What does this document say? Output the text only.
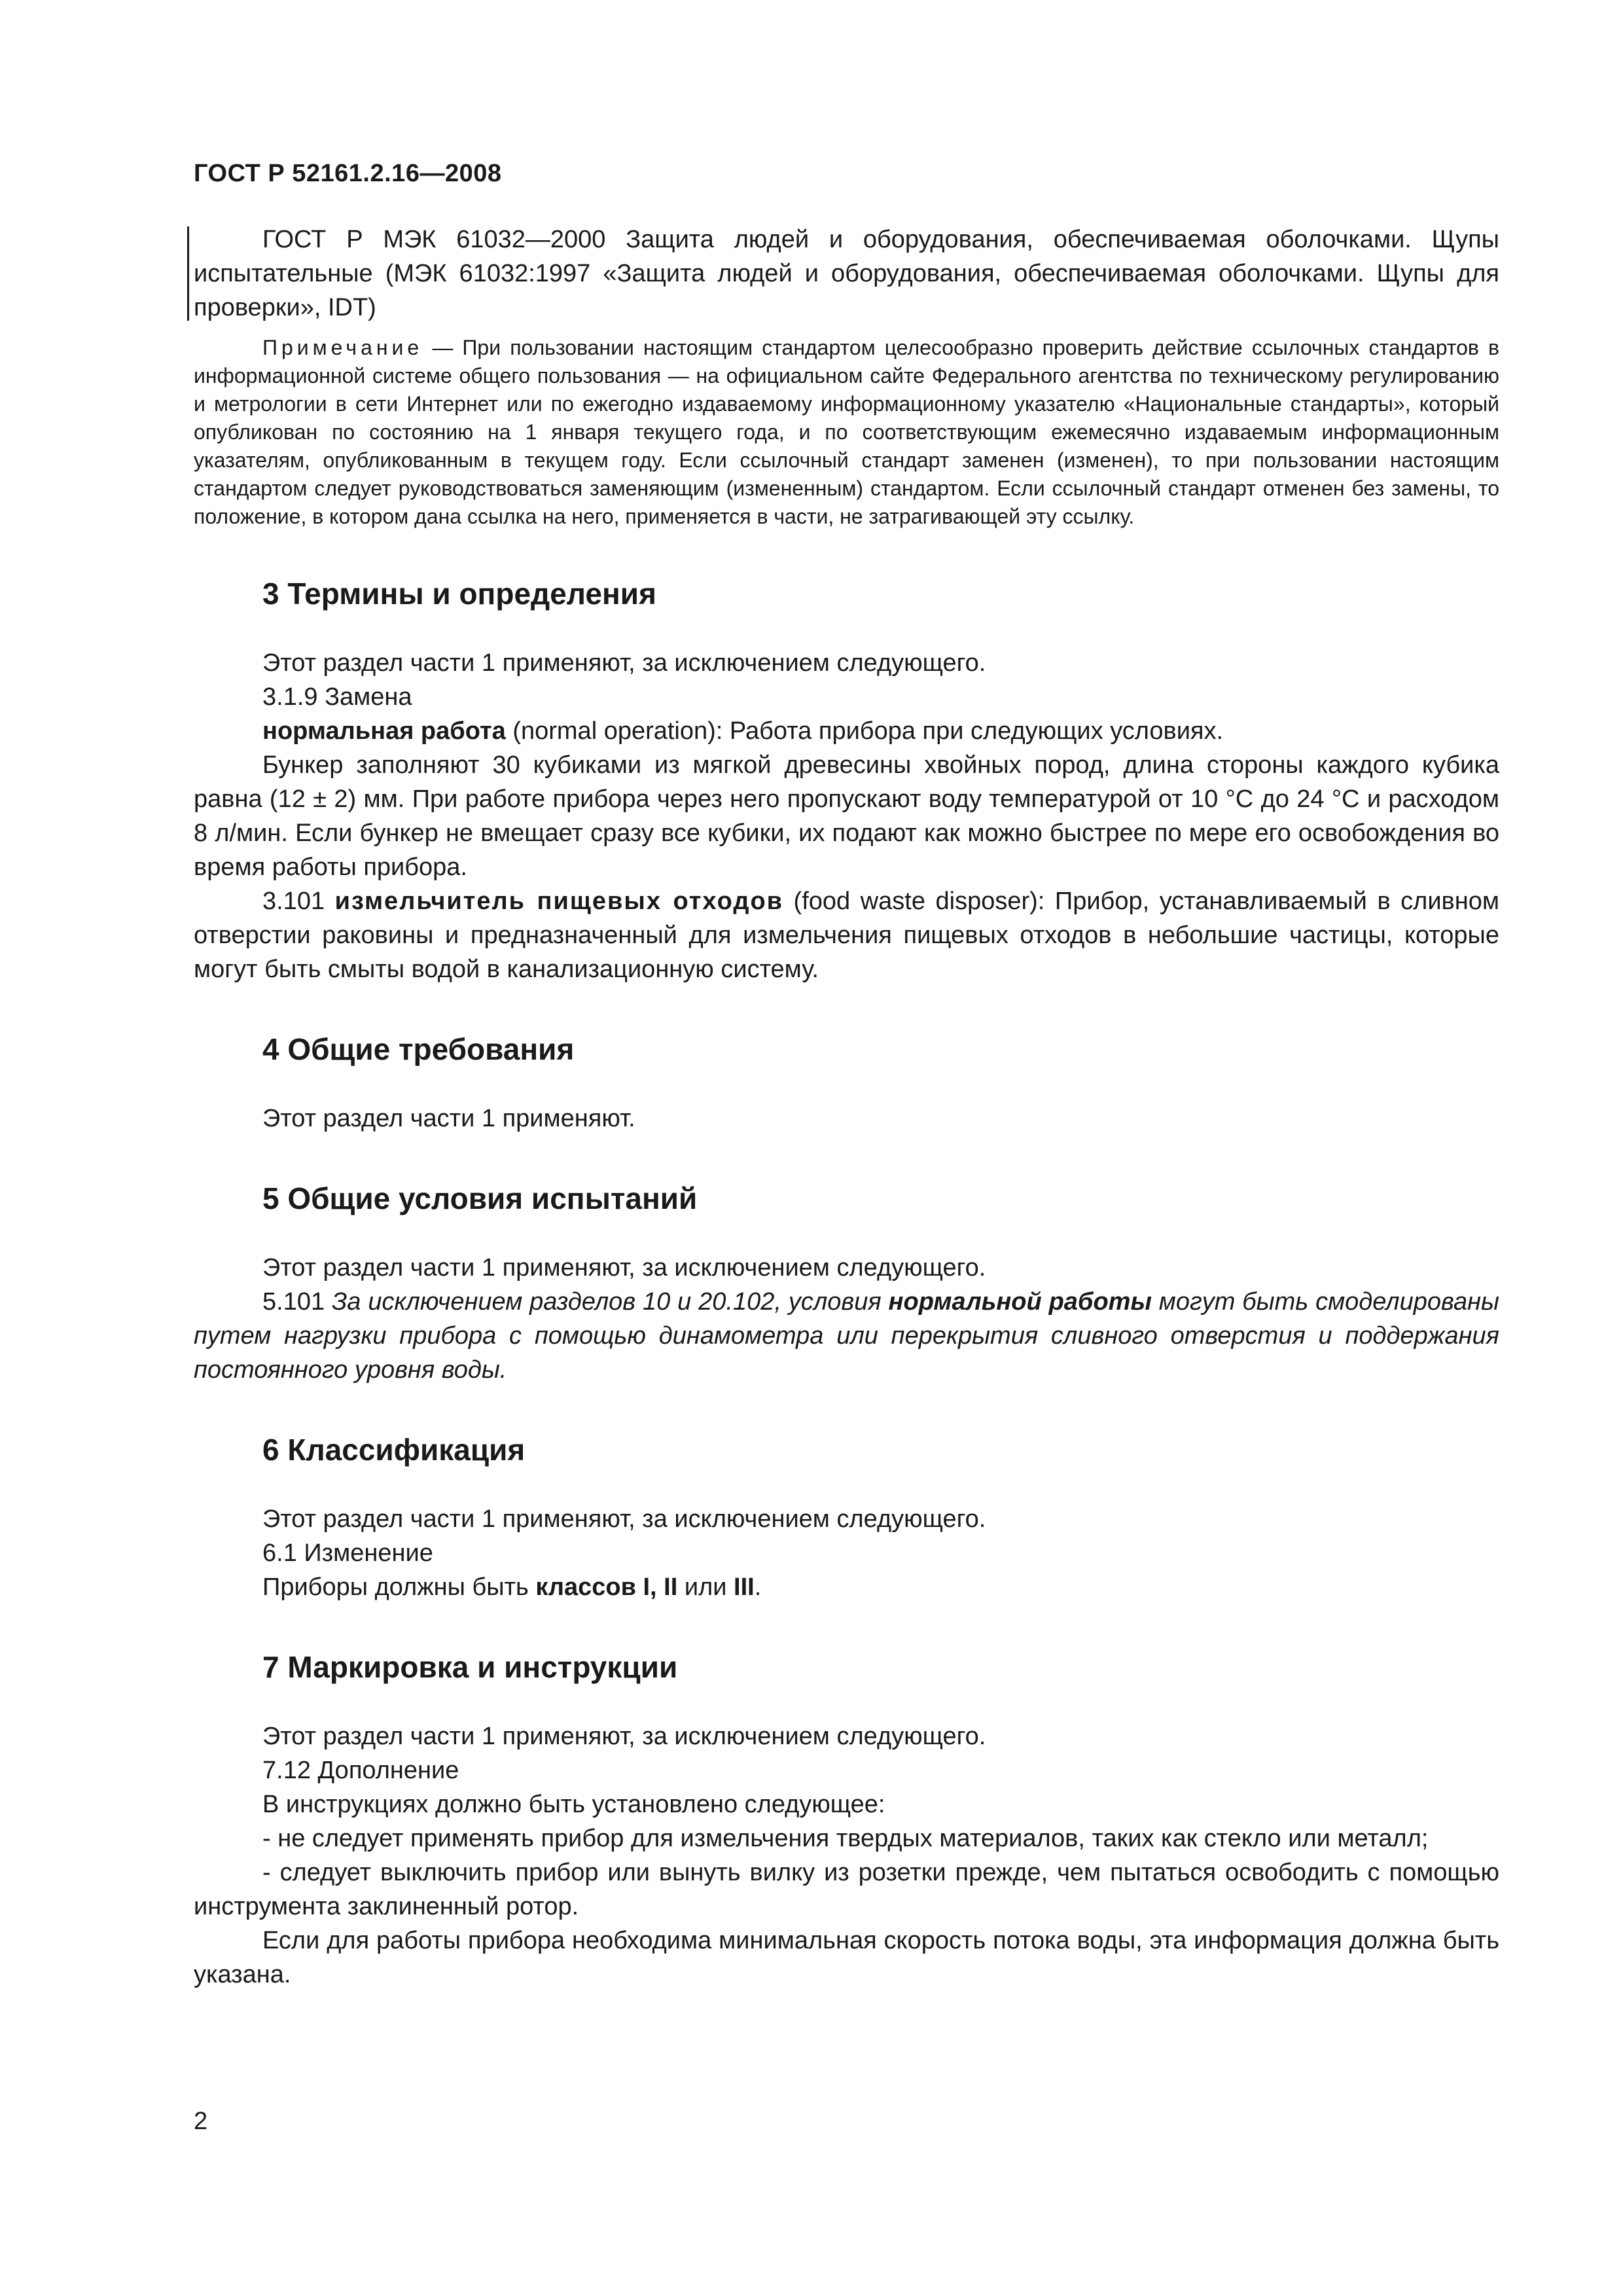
ГОСТ Р 52161.2.16—2008

ГОСТ Р МЭК 61032—2000 Защита людей и оборудования, обеспечиваемая оболочками. Щупы испытательные (МЭК 61032:1997 «Защита людей и оборудования, обеспечиваемая оболочками. Щупы для проверки», IDT)

Примечание — При пользовании настоящим стандартом целесообразно проверить действие ссылочных стандартов в информационной системе общего пользования — на официальном сайте Федерального агентства по техническому регулированию и метрологии в сети Интернет или по ежегодно издаваемому информационному указателю «Национальные стандарты», который опубликован по состоянию на 1 января текущего года, и по соответствующим ежемесячно издаваемым информационным указателям, опубликованным в текущем году. Если ссылочный стандарт заменен (изменен), то при пользовании настоящим стандартом следует руководствоваться заменяющим (измененным) стандартом. Если ссылочный стандарт отменен без замены, то положение, в котором дана ссылка на него, применяется в части, не затрагивающей эту ссылку.

3 Термины и определения

Этот раздел части 1 применяют, за исключением следующего.

3.1.9 Замена

нормальная работа (normal operation): Работа прибора при следующих условиях.

Бункер заполняют 30 кубиками из мягкой древесины хвойных пород, длина стороны каждого кубика равна (12 ± 2) мм. При работе прибора через него пропускают воду температурой от 10 °С до 24 °С и расходом 8 л/мин. Если бункер не вмещает сразу все кубики, их подают как можно быстрее по мере его освобождения во время работы прибора.

3.101 измельчитель пищевых отходов (food waste disposer): Прибор, устанавливаемый в сливном отверстии раковины и предназначенный для измельчения пищевых отходов в небольшие частицы, которые могут быть смыты водой в канализационную систему.

4 Общие требования

Этот раздел части 1 применяют.

5 Общие условия испытаний

Этот раздел части 1 применяют, за исключением следующего.

5.101 За исключением разделов 10 и 20.102, условия нормальной работы могут быть смоделированы путем нагрузки прибора с помощью динамометра или перекрытия сливного отверстия и поддержания постоянного уровня воды.

6 Классификация

Этот раздел части 1 применяют, за исключением следующего.

6.1 Изменение

Приборы должны быть классов I, II или III.

7 Маркировка и инструкции

Этот раздел части 1 применяют, за исключением следующего.

7.12 Дополнение

В инструкциях должно быть установлено следующее:

- не следует применять прибор для измельчения твердых материалов, таких как стекло или металл;

- следует выключить прибор или вынуть вилку из розетки прежде, чем пытаться освободить с помощью инструмента заклиненный ротор.

Если для работы прибора необходима минимальная скорость потока воды, эта информация должна быть указана.

2
